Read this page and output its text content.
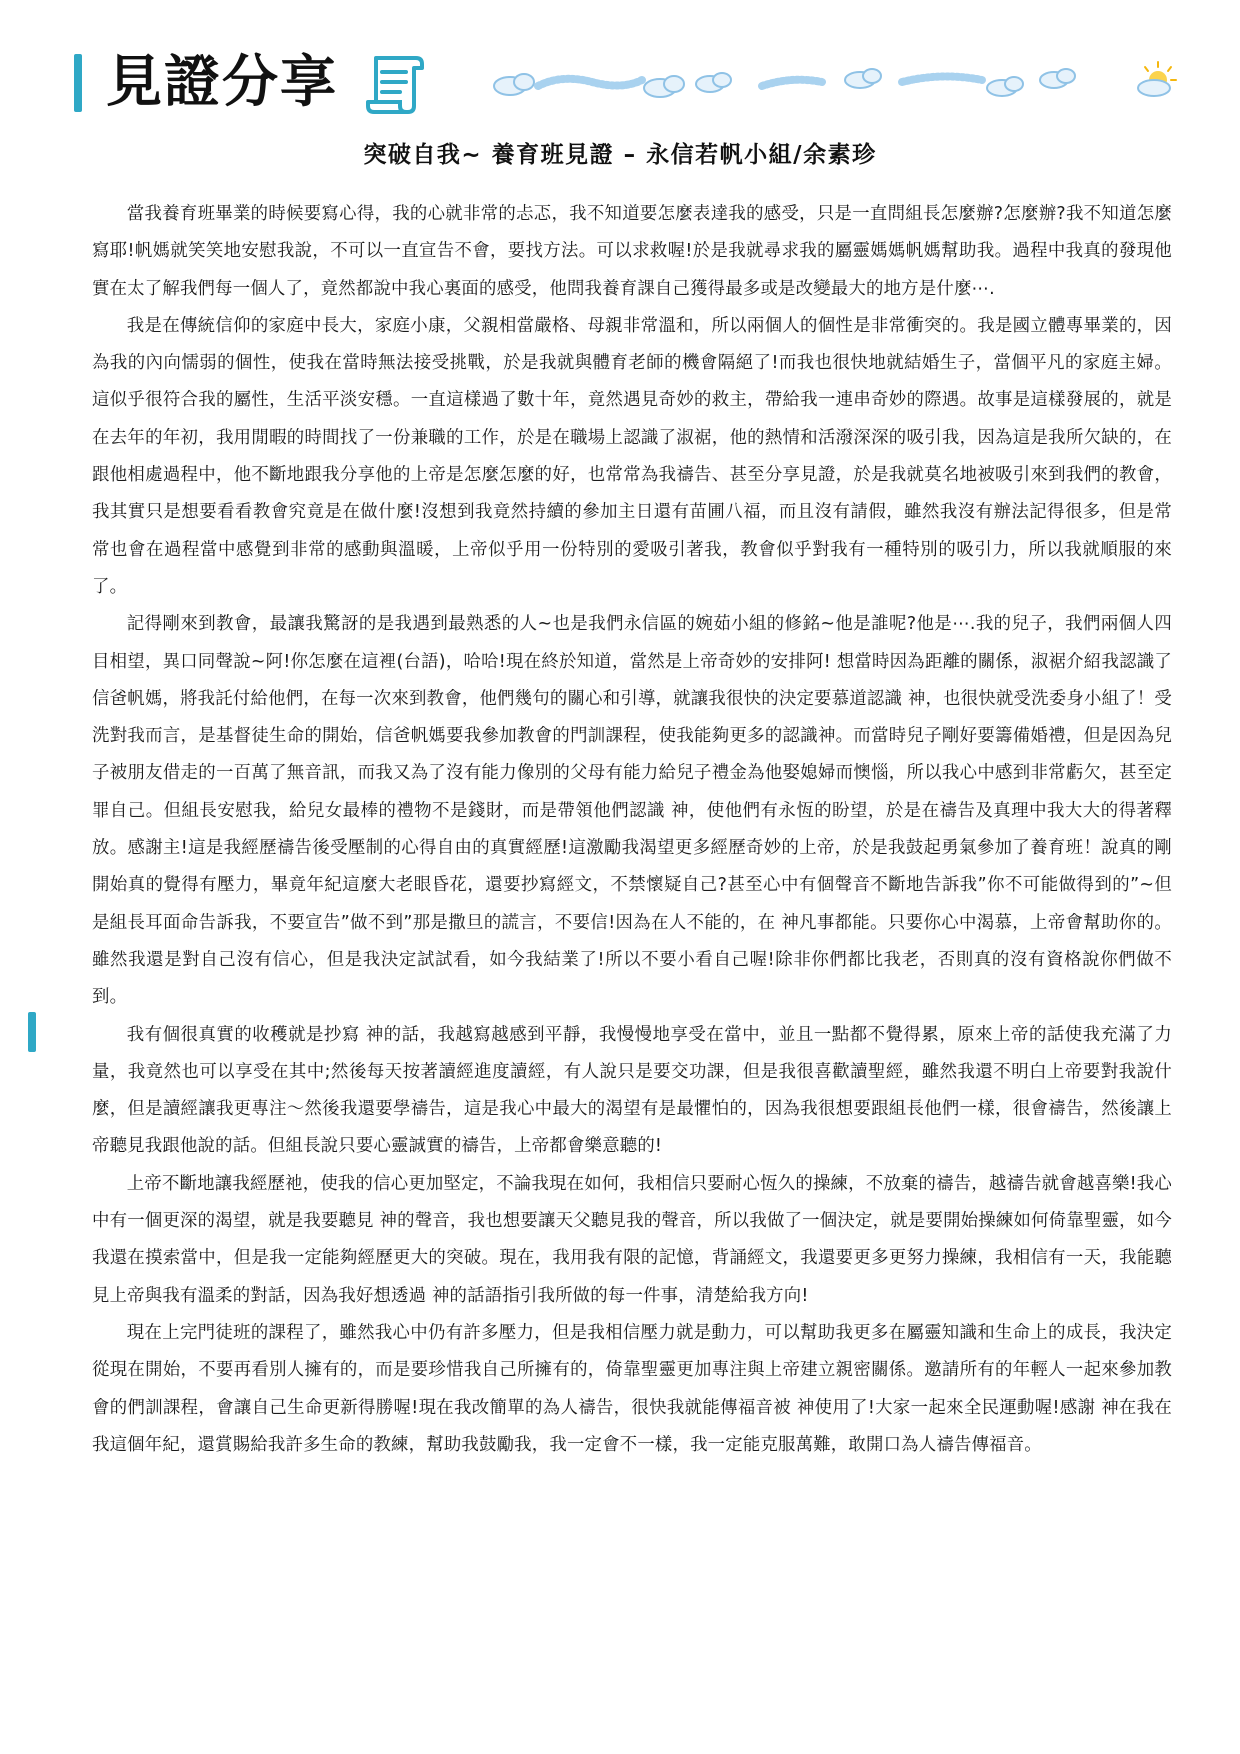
見證分享
突破自我~ 養育班見證 – 永信若帆小組/余素珍

當我養育班畢業的時候要寫心得，我的心就非常的忐忑，我不知道要怎麼表達我的感受，只是一直問組長怎麼辦?怎麼辦?我不知道怎麼寫耶!帆媽就笑笑地安慰我說，不可以一直宣告不會，要找方法。可以求救喔!於是我就尋求我的屬靈媽媽帆媽幫助我。過程中我真的發現他實在太了解我們每一個人了，竟然都說中我心裏面的感受，他問我養育課自己獲得最多或是改變最大的地方是什麼⋯.

我是在傳統信仰的家庭中長大，家庭小康，父親相當嚴格、母親非常溫和，所以兩個人的個性是非常衝突的。我是國立體專畢業的，因為我的內向懦弱的個性，使我在當時無法接受挑戰，於是我就與體育老師的機會隔絕了!而我也很快地就結婚生子，當個平凡的家庭主婦。這似乎很符合我的屬性，生活平淡安穩。一直這樣過了數十年，竟然遇見奇妙的救主，帶給我一連串奇妙的際遇。故事是這樣發展的，就是在去年的年初，我用閒暇的時間找了一份兼職的工作，於是在職場上認識了淑裾，他的熱情和活潑深深的吸引我，因為這是我所欠缺的，在跟他相處過程中，他不斷地跟我分享他的上帝是怎麼怎麼的好，也常常為我禱告、甚至分享見證，於是我就莫名地被吸引來到我們的教會，我其實只是想要看看教會究竟是在做什麼!沒想到我竟然持續的參加主日還有苗圃八福，而且沒有請假，雖然我沒有辦法記得很多，但是常常也會在過程當中感覺到非常的感動與溫暖，上帝似乎用一份特別的愛吸引著我，教會似乎對我有一種特別的吸引力，所以我就順服的來了。

記得剛來到教會，最讓我驚訝的是我遇到最熟悉的人~也是我們永信區的婉茹小組的修銘~他是誰呢?他是⋯.我的兒子，我們兩個人四目相望，異口同聲說~阿!你怎麼在這裡(台語)，哈哈!現在終於知道，當然是上帝奇妙的安排阿! 想當時因為距離的關係，淑裾介紹我認識了信爸帆媽，將我託付給他們，在每一次來到教會，他們幾句的關心和引導，就讓我很快的決定要慕道認識 神，也很快就受洗委身小組了！受洗對我而言，是基督徒生命的開始，信爸帆媽要我參加教會的門訓課程，使我能夠更多的認識神。而當時兒子剛好要籌備婚禮，但是因為兒子被朋友借走的一百萬了無音訊，而我又為了沒有能力像別的父母有能力給兒子禮金為他娶媳婦而懊惱，所以我心中感到非常虧欠，甚至定罪自己。但組長安慰我，給兒女最棒的禮物不是錢財，而是帶領他們認識 神，使他們有永恆的盼望，於是在禱告及真理中我大大的得著釋放。感謝主!這是我經歷禱告後受壓制的心得自由的真實經歷!這激勵我渴望更多經歷奇妙的上帝，於是我鼓起勇氣參加了養育班！說真的剛開始真的覺得有壓力，畢竟年紀這麼大老眼昏花，還要抄寫經文，不禁懷疑自己?甚至心中有個聲音不斷地告訴我”你不可能做得到的”~但是組長耳面命告訴我，不要宣告”做不到”那是撒旦的謊言，不要信!因為在人不能的，在 神凡事都能。只要你心中渴慕，上帝會幫助你的。雖然我還是對自己沒有信心，但是我決定試試看，如今我結業了!所以不要小看自己喔!除非你們都比我老，否則真的沒有資格說你們做不到。

我有個很真實的收穫就是抄寫 神的話，我越寫越感到平靜，我慢慢地享受在當中，並且一點都不覺得累，原來上帝的話使我充滿了力量，我竟然也可以享受在其中;然後每天按著讀經進度讀經，有人說只是要交功課，但是我很喜歡讀聖經，雖然我還不明白上帝要對我說什麼，但是讀經讓我更專注～然後我還要學禱告，這是我心中最大的渴望有是最懼怕的，因為我很想要跟組長他們一樣，很會禱告，然後讓上帝聽見我跟他說的話。但組長說只要心靈誠實的禱告，上帝都會樂意聽的!

上帝不斷地讓我經歷祂，使我的信心更加堅定，不論我現在如何，我相信只要耐心恆久的操練，不放棄的禱告，越禱告就會越喜樂!我心中有一個更深的渴望，就是我要聽見 神的聲音，我也想要讓天父聽見我的聲音，所以我做了一個決定，就是要開始操練如何倚靠聖靈，如今我還在摸索當中，但是我一定能夠經歷更大的突破。現在，我用我有限的記憶，背誦經文，我還要更多更努力操練，我相信有一天，我能聽見上帝與我有溫柔的對話，因為我好想透過 神的話語指引我所做的每一件事，清楚給我方向!

現在上完門徒班的課程了，雖然我心中仍有許多壓力，但是我相信壓力就是動力，可以幫助我更多在屬靈知識和生命上的成長，我決定從現在開始，不要再看別人擁有的，而是要珍惜我自己所擁有的，倚靠聖靈更加專注與上帝建立親密關係。邀請所有的年輕人一起來參加教會的們訓課程，會讓自己生命更新得勝喔!現在我改簡單的為人禱告，很快我就能傳福音被 神使用了!大家一起來全民運動喔!感謝 神在我在我這個年紀，還賞賜給我許多生命的教練，幫助我鼓勵我，我一定會不一樣，我一定能克服萬難，敢開口為人禱告傳福音。
